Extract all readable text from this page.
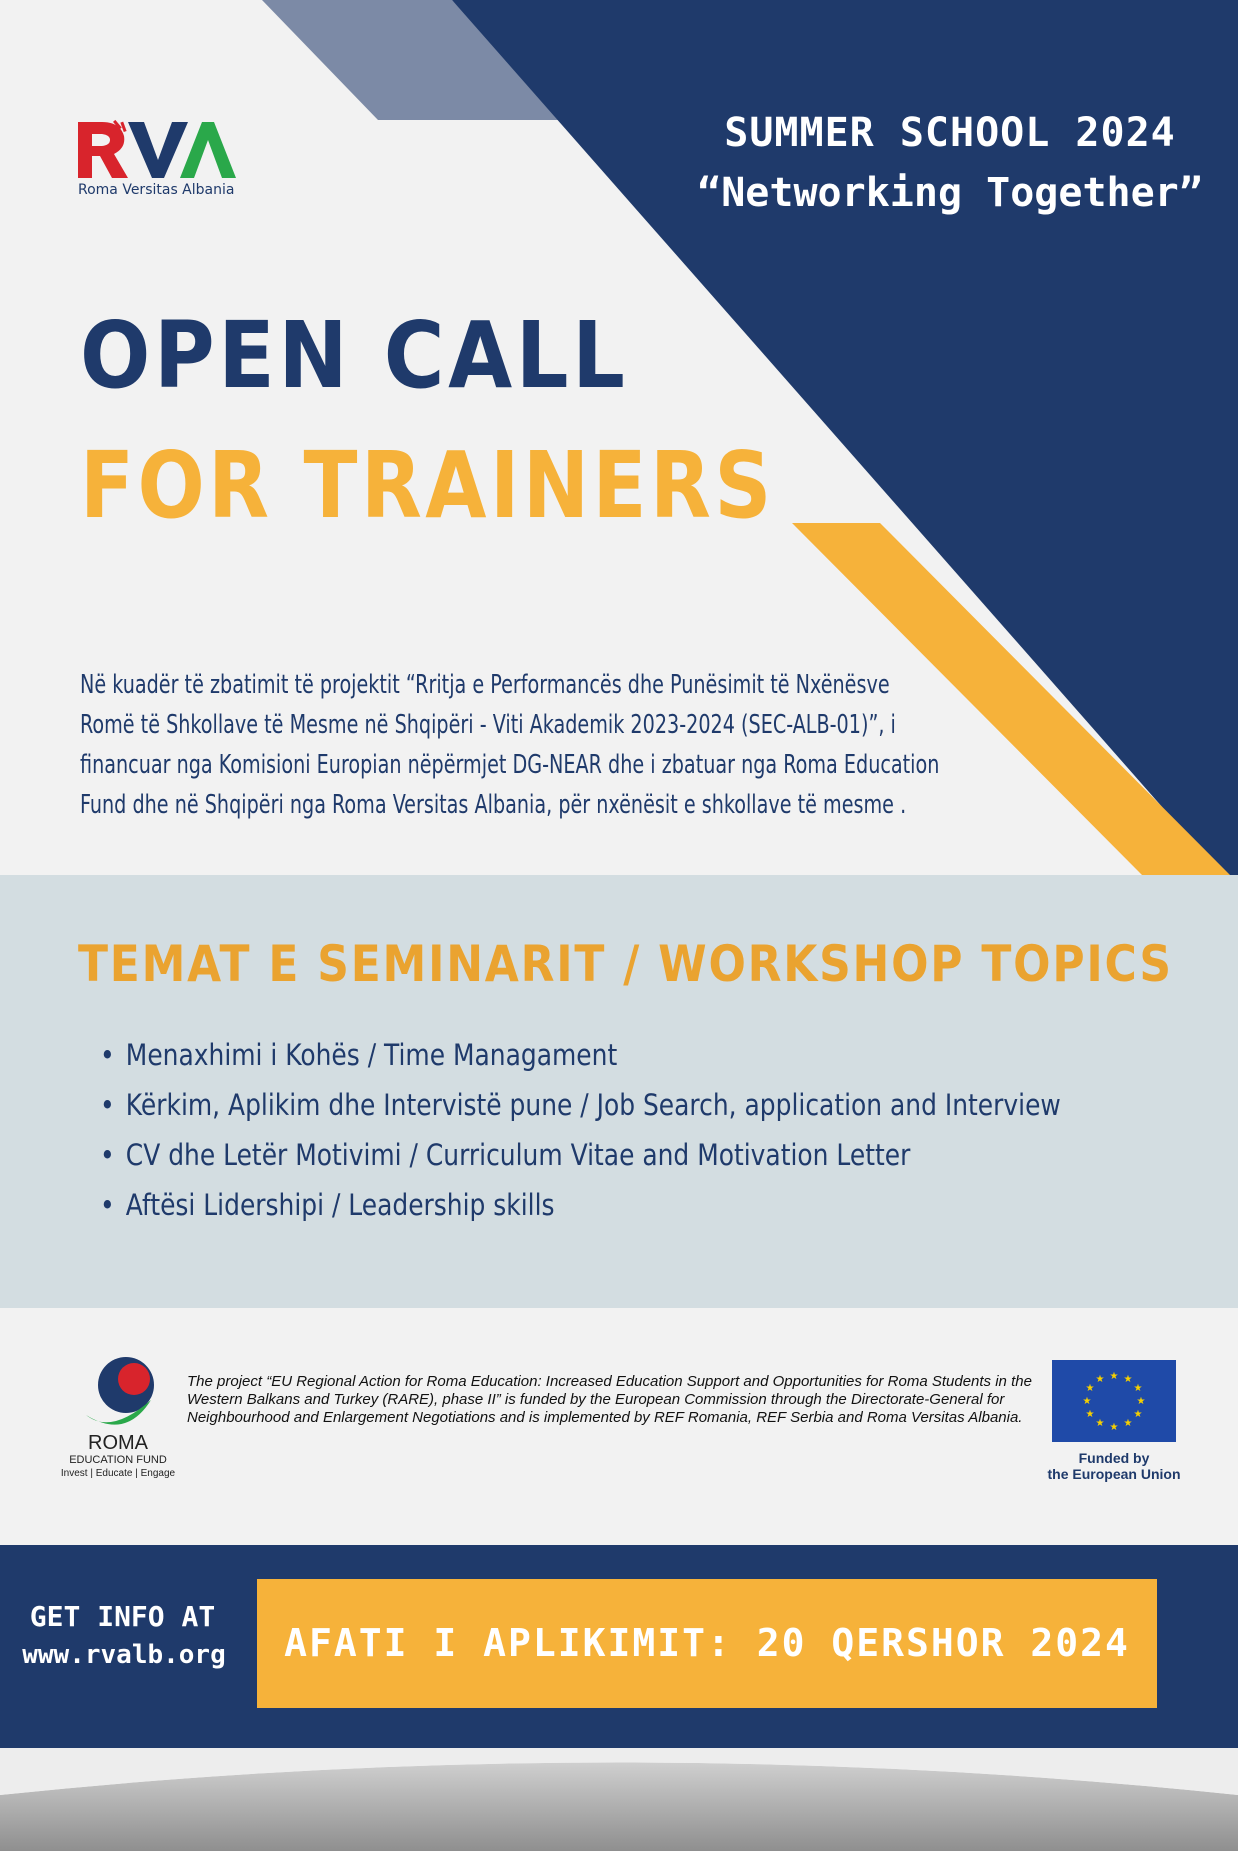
Roma Versitas Albania
SUMMER SCHOOL 2024
“Networking Together”
OPEN CALL
FOR TRAINERS
Në kuadër të zbatimit të projektit “Rritja e Performancës dhe Punësimit të Nxënësve Romë të Shkollave të Mesme në Shqipëri - Viti Akademik 2023-2024 (SEC-ALB-01)”, i financuar nga Komisioni Europian nëpërmjet DG-NEAR dhe i zbatuar nga Roma Education Fund dhe në Shqipëri nga Roma Versitas Albania, për nxënësit e shkollave të mesme .
TEMAT E SEMINARIT / WORKSHOP TOPICS
• Menaxhimi i Kohës / Time Managament
• Kërkim, Aplikim dhe Intervistë pune / Job Search, application and Interview
• CV dhe Letër Motivimi / Curriculum Vitae and Motivation Letter
• Aftësi Lidershipi / Leadership skills
ROMA
EDUCATION FUND
Invest | Educate | Engage
The project “EU Regional Action for Roma Education: Increased Education Support and Opportunities for Roma Students in the Western Balkans and Turkey (RARE), phase II” is funded by the European Commission through the Directorate-General for Neighbourhood and Enlargement Negotiations and is implemented by REF Romania, REF Serbia and Roma Versitas Albania.
★ ★
★
★
★
★
★
★
★
★
★
★
Funded by
the European Union
GET INFO AT
www.rvalb.org	AFATI I APLIKIMIT: 20 QERSHOR 2024
